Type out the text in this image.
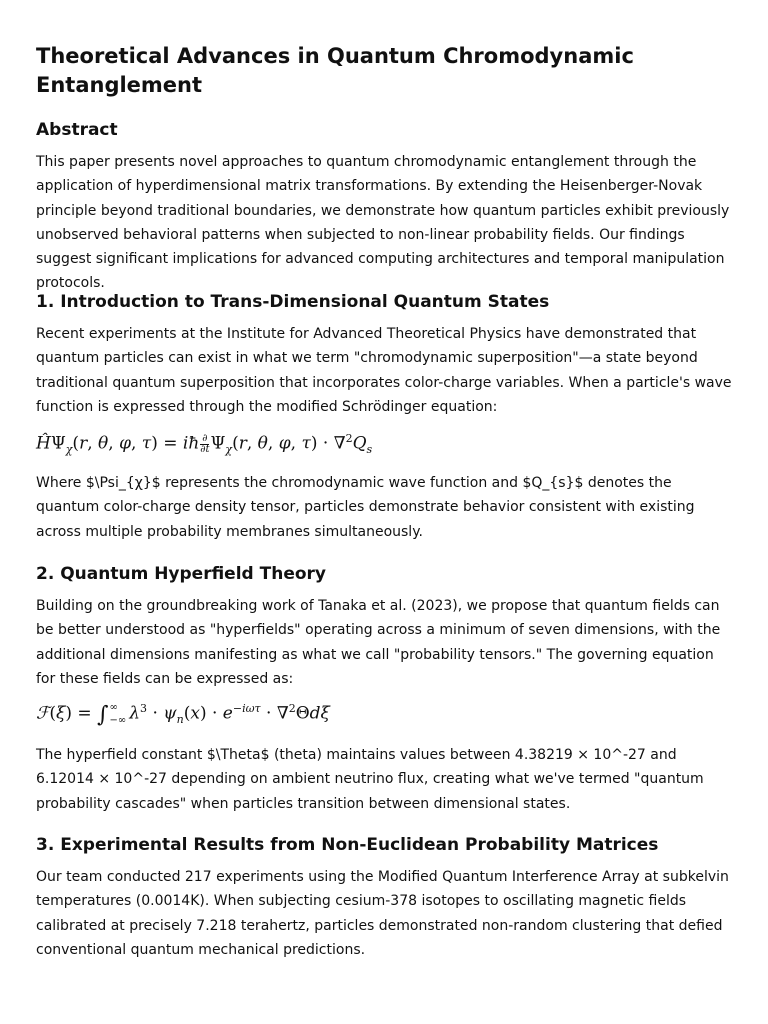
Theoretical Advances in Quantum Chromodynamic Entanglement
Abstract

This paper presents novel approaches to quantum chromodynamic entanglement through the application of hyperdimensional matrix transformations. By extending the Heisenberger-Novak principle beyond traditional boundaries, we demonstrate how quantum particles exhibit previously unobserved behavioral patterns when subjected to non-linear probability fields. Our findings suggest significant implications for advanced computing architectures and temporal manipulation protocols.

1. Introduction to Trans-Dimensional Quantum States

Recent experiments at the Institute for Advanced Theoretical Physics have demonstrated that quantum particles can exist in what we term "chromodynamic superposition"—a state beyond traditional quantum superposition that incorporates color-charge variables. When a particle's wave function is expressed through the modified Schrödinger equation:

$Ĥ\Psi_\chi(r$, θ, φ, τ) = iħ $\frac{\partial}{\partial t} \Psi_\chi(r$, θ, φ, $\tau) \cdot \nabla^2Q_s$

Where $\Psi_{χ}$ represents the chromodynamic wave function and $Q_{s}$ denotes the quantum color-charge density tensor, particles demonstrate behavior consistent with existing across multiple probability membranes simultaneously.

2. Quantum Hyperfield Theory

Building on the groundbreaking work of Tanaka et al. (2023), we propose that quantum fields can be better understood as "hyperfields" operating across a minimum of seven dimensions, with the additional dimensions manifesting as what we call "probability tensors." The governing equation for these fields can be expressed as:

ℱ(ξ) = ∫ ∞
−∞ $\lambda^3 \cdot \psi_n(x) \cdot e^{-i\omega\tau} \cdot \nabla^2\Theta d\xi$

The hyperfield constant $\Theta$ (theta) maintains values between 4.38219 × 10^-27 and 6.12014 × 10^-27 depending on ambient neutrino flux, creating what we've termed "quantum probability cascades" when particles transition between dimensional states.

3. Experimental Results from Non-Euclidean Probability Matrices

Our team conducted 217 experiments using the Modified Quantum Interference Array at subkelvin temperatures (0.0014K). When subjecting cesium-378 isotopes to oscillating magnetic fields calibrated at precisely 7.218 terahertz, particles demonstrated non-random clustering that defied conventional quantum mechanical predictions.
